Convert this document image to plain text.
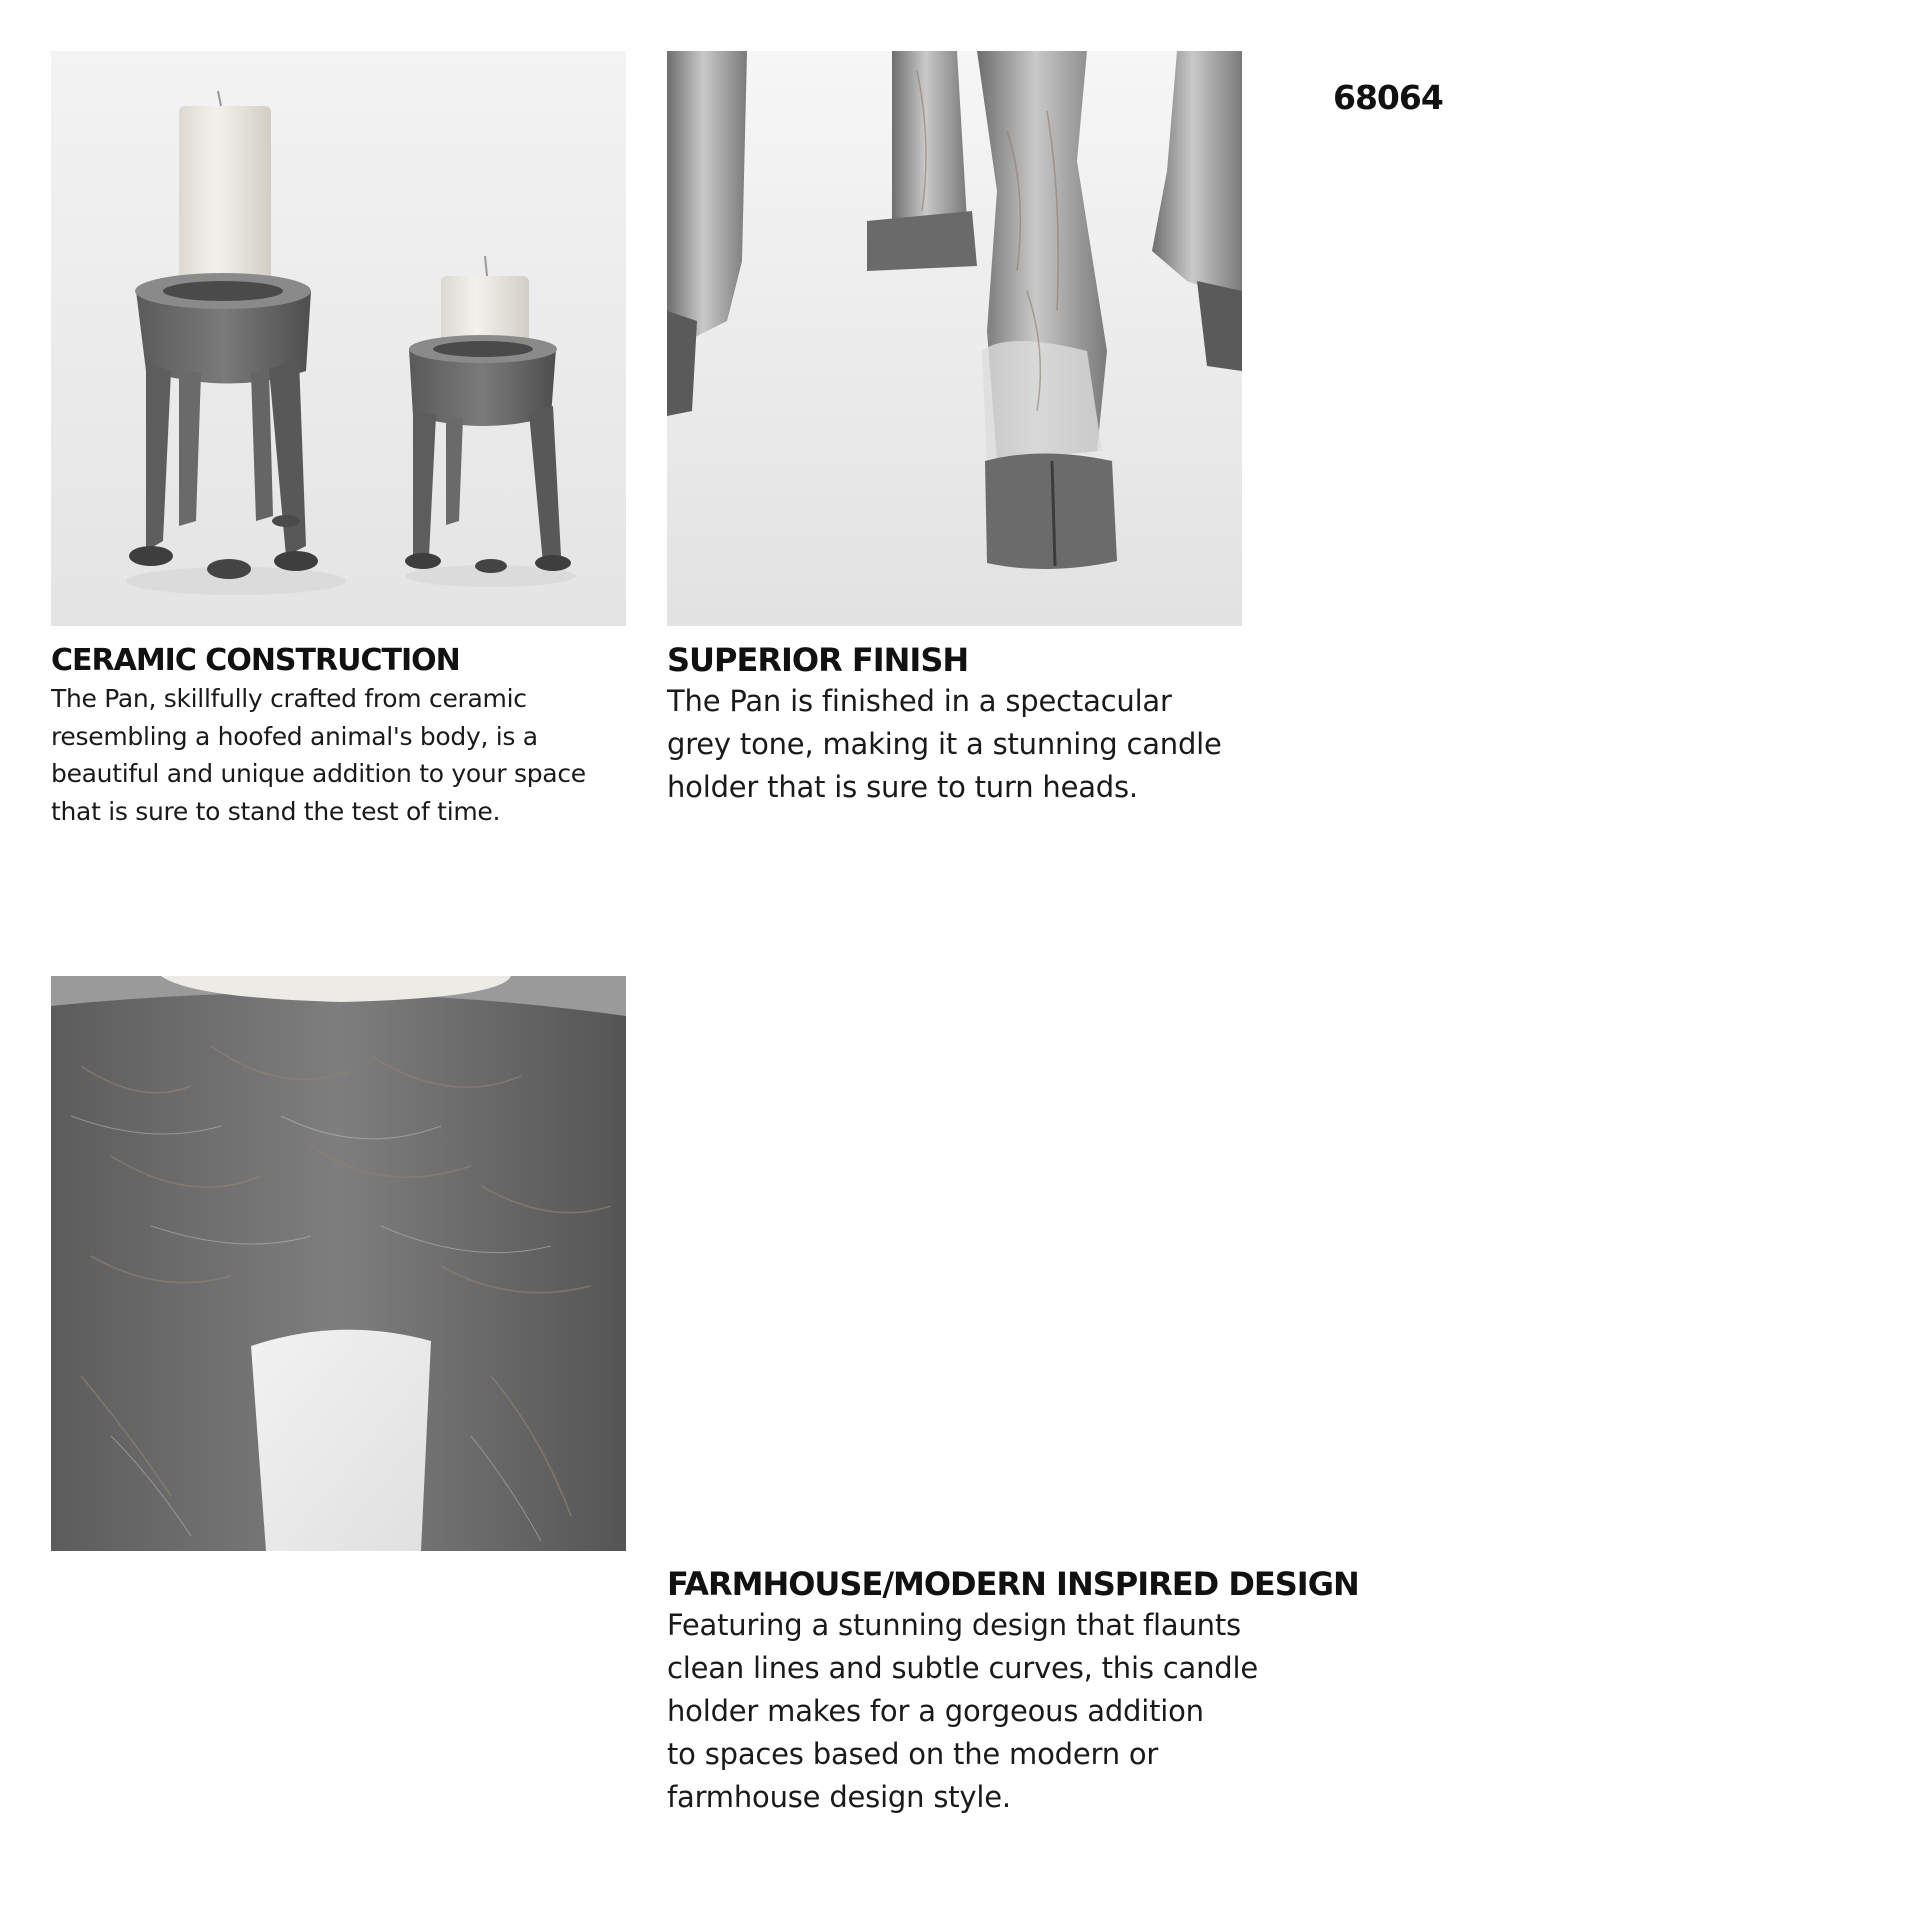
68064
CERAMIC CONSTRUCTION

The Pan, skillfully crafted from ceramic
resembling a hoofed animal's body, is a
beautiful and unique addition to your space
that is sure to stand the test of time.

SUPERIOR FINISH

The Pan is finished in a spectacular
grey tone, making it a stunning candle
holder that is sure to turn heads.

FARMHOUSE/MODERN INSPIRED DESIGN

Featuring a stunning design that flaunts
clean lines and subtle curves, this candle
holder makes for a gorgeous addition
to spaces based on the modern or
farmhouse design style.
